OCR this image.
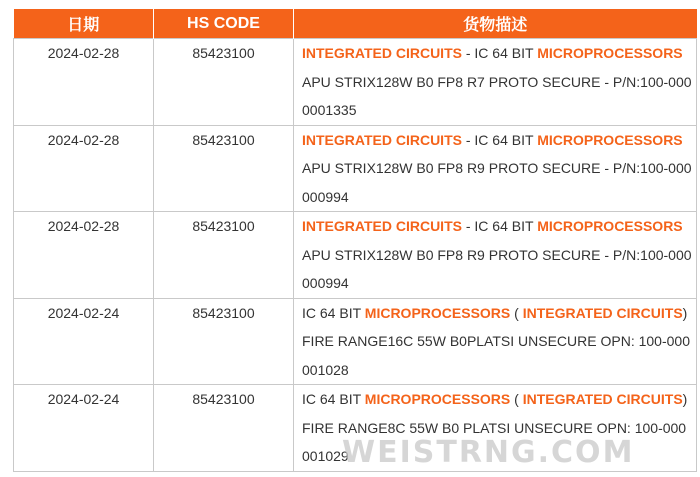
日期	HS CODE	货物描述
2024-02-28	85423100	INTEGRATED CIRCUITS - IC 64 BIT MICROPROCESSORS APU STRIX128W B0 FP8 R7 PROTO SECURE - P/N:100-0000001335
2024-02-28	85423100	INTEGRATED CIRCUITS - IC 64 BIT MICROPROCESSORS APU STRIX128W B0 FP8 R9 PROTO SECURE - P/N:100-000000994
2024-02-28	85423100	INTEGRATED CIRCUITS - IC 64 BIT MICROPROCESSORS APU STRIX128W B0 FP8 R9 PROTO SECURE - P/N:100-000000994
2024-02-24	85423100	IC 64 BIT MICROPROCESSORS ( INTEGRATED CIRCUITS) FIRE RANGE16C 55W B0PLATSI UNSECURE OPN: 100-000001028
2024-02-24	85423100	IC 64 BIT MICROPROCESSORS ( INTEGRATED CIRCUITS) FIRE RANGE8C 55W B0 PLATSI UNSECURE OPN: 100-000001029
WEISTRNG.COM
